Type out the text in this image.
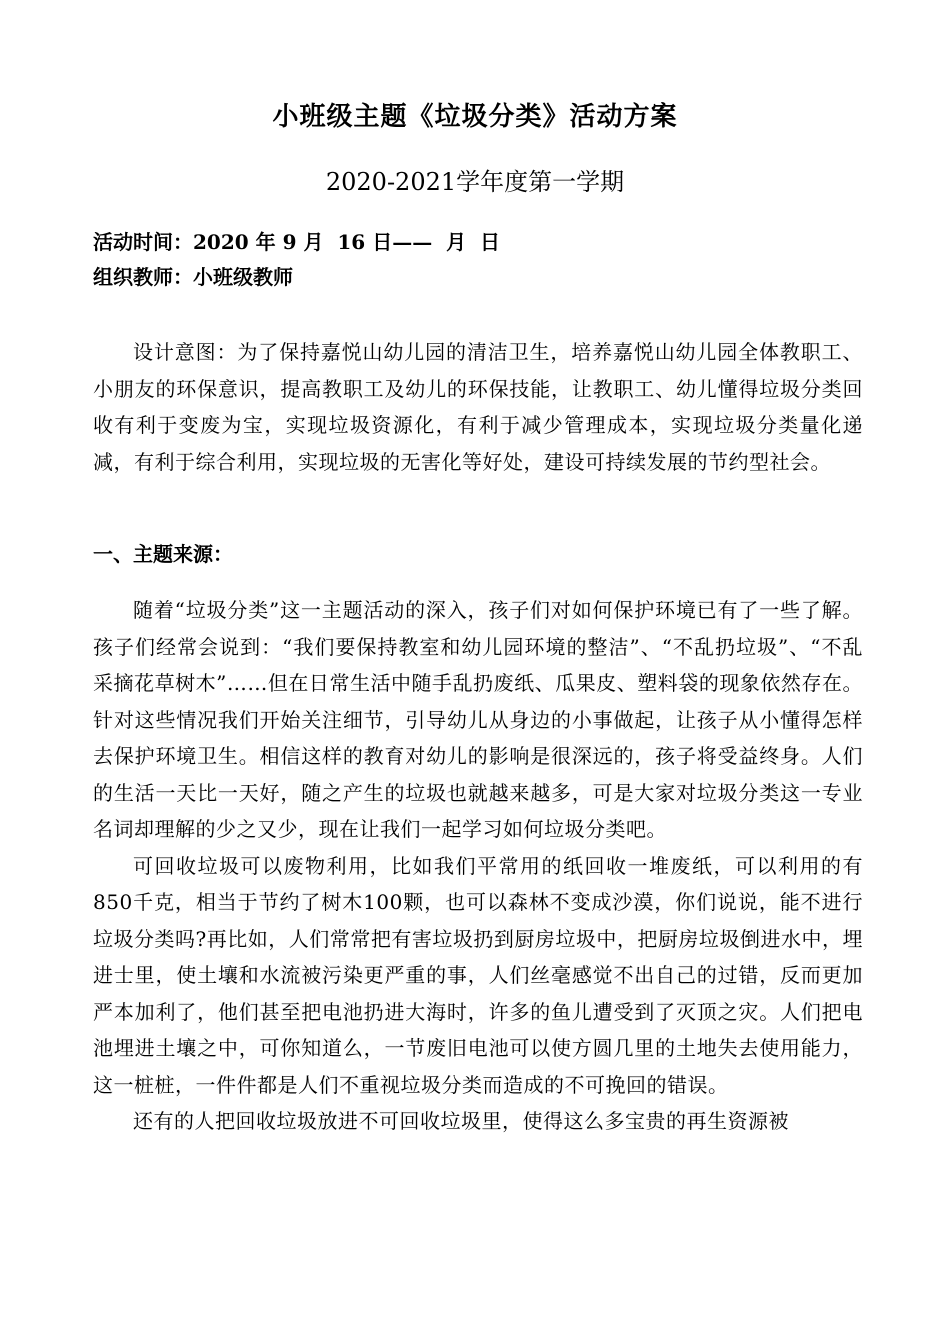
小班级主题《垃圾分类》活动方案
2020-2021学年度第一学期
活动时间：2020 年 9 月  16 日——  月  日
组织教师：小班级教师

设计意图：为了保持嘉悦山幼儿园的清洁卫生，培养嘉悦山幼儿园全体教职工、小朋友的环保意识，提高教职工及幼儿的环保技能，让教职工、幼儿懂得垃圾分类回收有利于变废为宝，实现垃圾资源化，有利于减少管理成本，实现垃圾分类量化递减，有利于综合利用，实现垃圾的无害化等好处，建设可持续发展的节约型社会。

一、主题来源：

随着“垃圾分类”这一主题活动的深入，孩子们对如何保护环境已有了一些了解。孩子们经常会说到：“我们要保持教室和幼儿园环境的整洁”、“不乱扔垃圾”、“不乱采摘花草树木”……但在日常生活中随手乱扔废纸、瓜果皮、塑料袋的现象依然存在。针对这些情况我们开始关注细节，引导幼儿从身边的小事做起，让孩子从小懂得怎样去保护环境卫生。相信这样的教育对幼儿的影响是很深远的，孩子将受益终身。人们的生活一天比一天好，随之产生的垃圾也就越来越多，可是大家对垃圾分类这一专业名词却理解的少之又少，现在让我们一起学习如何垃圾分类吧。

可回收垃圾可以废物利用，比如我们平常用的纸回收一堆废纸，可以利用的有850千克，相当于节约了树木100颗，也可以森林不变成沙漠，你们说说，能不进行垃圾分类吗?再比如，人们常常把有害垃圾扔到厨房垃圾中，把厨房垃圾倒进水中，埋进士里，使土壤和水流被污染更严重的事，人们丝毫感觉不出自己的过错，反而更加严本加利了，他们甚至把电池扔进大海时，许多的鱼儿遭受到了灭顶之灾。人们把电池埋进土壤之中，可你知道么，一节废旧电池可以使方圆几里的土地失去使用能力，这一桩桩，一件件都是人们不重视垃圾分类而造成的不可挽回的错误。

还有的人把回收垃圾放进不可回收垃圾里，使得这么多宝贵的再生资源被
